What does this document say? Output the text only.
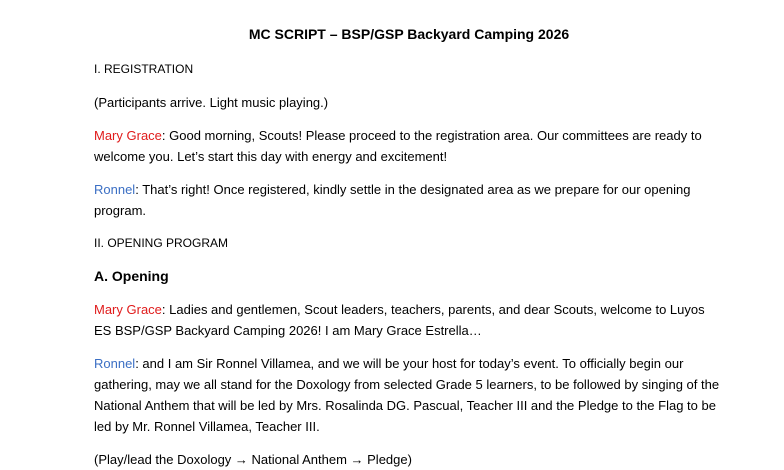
MC SCRIPT – BSP/GSP Backyard Camping 2026

I. REGISTRATION

(Participants arrive. Light music playing.)

Mary Grace: Good morning, Scouts! Please proceed to the registration area. Our committees are ready to welcome you. Let’s start this day with energy and excitement!

Ronnel: That’s right! Once registered, kindly settle in the designated area as we prepare for our opening program.

II. OPENING PROGRAM

A. Opening

Mary Grace: Ladies and gentlemen, Scout leaders, teachers, parents, and dear Scouts, welcome to Luyos ES BSP/GSP Backyard Camping 2026! I am Mary Grace Estrella…

Ronnel: and I am Sir Ronnel Villamea, and we will be your host for today’s event. To officially begin our gathering, may we all stand for the Doxology from selected Grade 5 learners, to be followed by singing of the National Anthem that will be led by Mrs. Rosalinda DG. Pascual, Teacher III and the Pledge to the Flag to be led by Mr. Ronnel Villamea, Teacher III.

(Play/lead the Doxology → National Anthem → Pledge)
